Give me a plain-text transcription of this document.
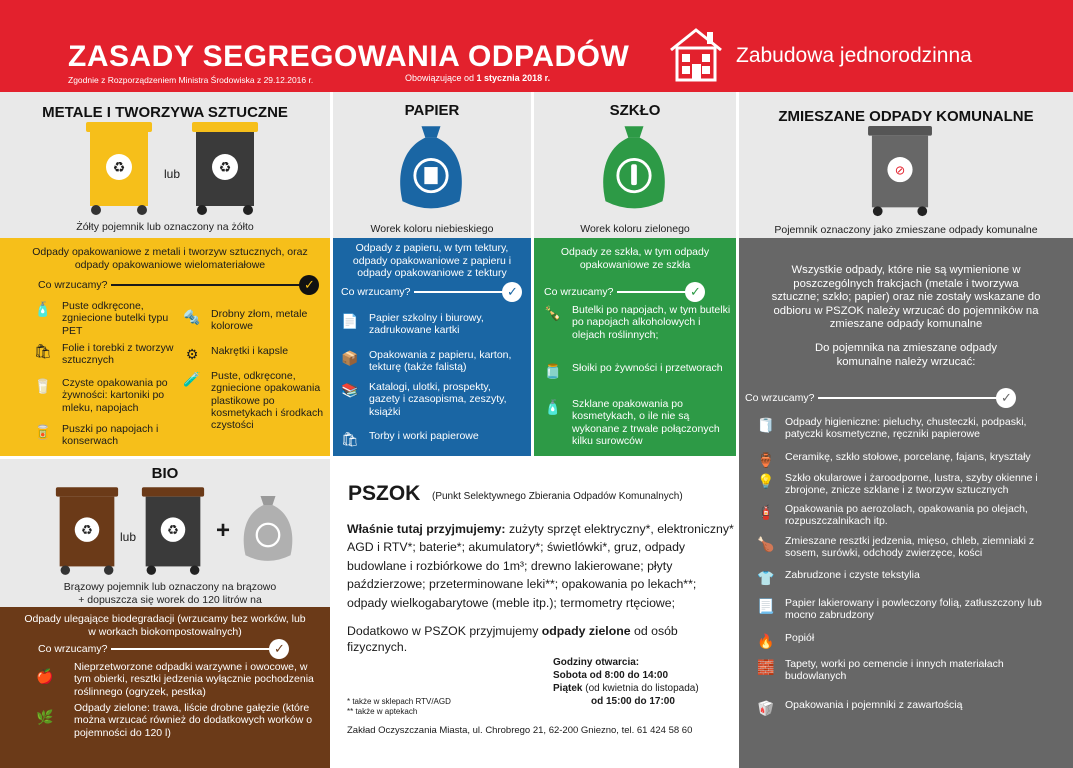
ZASADY SEGREGOWANIA ODPADÓW
Zgodnie z Rozporządzeniem Ministra Środowiska z 29.12.2016 r.	Obowiązujące od 1 stycznia 2018 r.
Zabudowa jednorodzinna
METALE I TWORZYWA SZTUCZNE
♻	lub	♻
Żółty pojemnik lub oznaczony na żółto
Odpady opakowaniowe z metali i tworzyw sztucznych, oraz odpady opakowaniowe wielomateriałowe
Co wrzucamy?	✓
🧴 Puste odkręcone, zgniecione butelki typu PET
🛍 Folie i torebki z tworzyw sztucznych
🥛 Czyste opakowania po żywności: kartoniki po mleku, napojach
🥫 Puszki po napojach i konserwach
🔩 Drobny złom, metale kolorowe
⚙ Nakrętki i kapsle
🧪 Puste, odkręcone, zgniecione opakowania plastikowe po kosmetykach i środkach czystości
PAPIER
Worek koloru niebieskiego
Odpady z papieru, w tym tektury, odpady opakowaniowe z papieru i odpady opakowaniowe z tektury
Co wrzucamy?	✓
📄 Papier szkolny i biurowy, zadrukowane kartki
📦 Opakowania z papieru, karton, tekturę (także falistą)
📚 Katalogi, ulotki, prospekty, gazety i czasopisma, zeszyty, książki
🛍 Torby i worki papierowe
SZKŁO
Worek koloru zielonego
Odpady ze szkła, w tym odpady opakowaniowe ze szkła
Co wrzucamy?	✓
🍾 Butelki po napojach, w tym butelki po napojach alkoholowych i olejach roślinnych;
🫙 Słoiki po żywności i przetworach
🧴 Szklane opakowania po kosmetykach, o ile nie są wykonane z trwale połączonych kilku surowców
ZMIESZANE ODPADY KOMUNALNE
⊘
Pojemnik oznaczony jako zmieszane odpady komunalne
Wszystkie odpady, które nie są wymienione w poszczególnych frakcjach (metale i tworzywa sztuczne; szkło; papier) oraz nie zostały wskazane do odbioru w PSZOK należy wrzucać do pojemników na zmieszane odpady komunalne
Do pojemnika na zmieszane odpady komunalne należy wrzucać:
Co wrzucamy?	✓
🧻 Odpady higieniczne: pieluchy, chusteczki, podpaski, patyczki kosmetyczne, ręczniki papierowe
🏺 Ceramikę, szkło stołowe, porcelanę, fajans, kryształy
💡 Szkło okularowe i żaroodporne, lustra, szyby okienne i zbrojone, znicze szklane i z tworzyw sztucznych
🧯 Opakowania po aerozolach, opakowania po olejach, rozpuszczalnikach itp.
🍗 Zmieszane resztki jedzenia, mięso, chleb, ziemniaki z sosem, surówki, odchody zwierzęce, kości
👕 Zabrudzone i czyste tekstylia
📃 Papier lakierowany i powleczony folią, zatłuszczony lub mocno zabrudzony
🔥 Popiół
🧱 Tapety, worki po cemencie i innych materiałach budowlanych
🥡 Opakowania i pojemniki z zawartością
BIO
♻ lub ♻ +
Brązowy pojemnik lub oznaczony na brązowo + dopuszcza się worek do 120 litrów na
Odpady ulegające biodegradacji (wrzucamy bez worków, lub w workach biokompostowalnych)
Co wrzucamy?	✓
🍎
Nieprzetworzone odpadki warzywne i owocowe, w tym obierki, resztki jedzenia wyłącznie pochodzenia roślinnego (ogryzek, pestka)
🌿
Odpady zielone: trawa, liście drobne gałęzie (które można wrzucać również do dodatkowych worków o pojemności do 120 l)
PSZOK (Punkt Selektywnego Zbierania Odpadów Komunalnych)
Właśnie tutaj przyjmujemy: zużyty sprzęt elektryczny*, elektroniczny* AGD i RTV*; baterie*; akumulatory*; świetlówki*, gruz, odpady budowlane i rozbiórkowe do 1m³; drewno lakierowane; płyty paździerzowe; przeterminowane leki**; opakowania po lekach**; odpady wielkogabarytowe (meble itp.); termometry rtęciowe;
Dodatkowo w PSZOK przyjmujemy odpady zielone od osób fizycznych.
Godziny otwarcia:
Sobota od 8:00 do 14:00
Piątek (od kwietnia do listopada)
od 15:00 do 17:00
* także w sklepach RTV/AGD
** także w aptekach
Zakład Oczyszczania Miasta, ul. Chrobrego 21, 62-200 Gniezno, tel. 61 424 58 60
